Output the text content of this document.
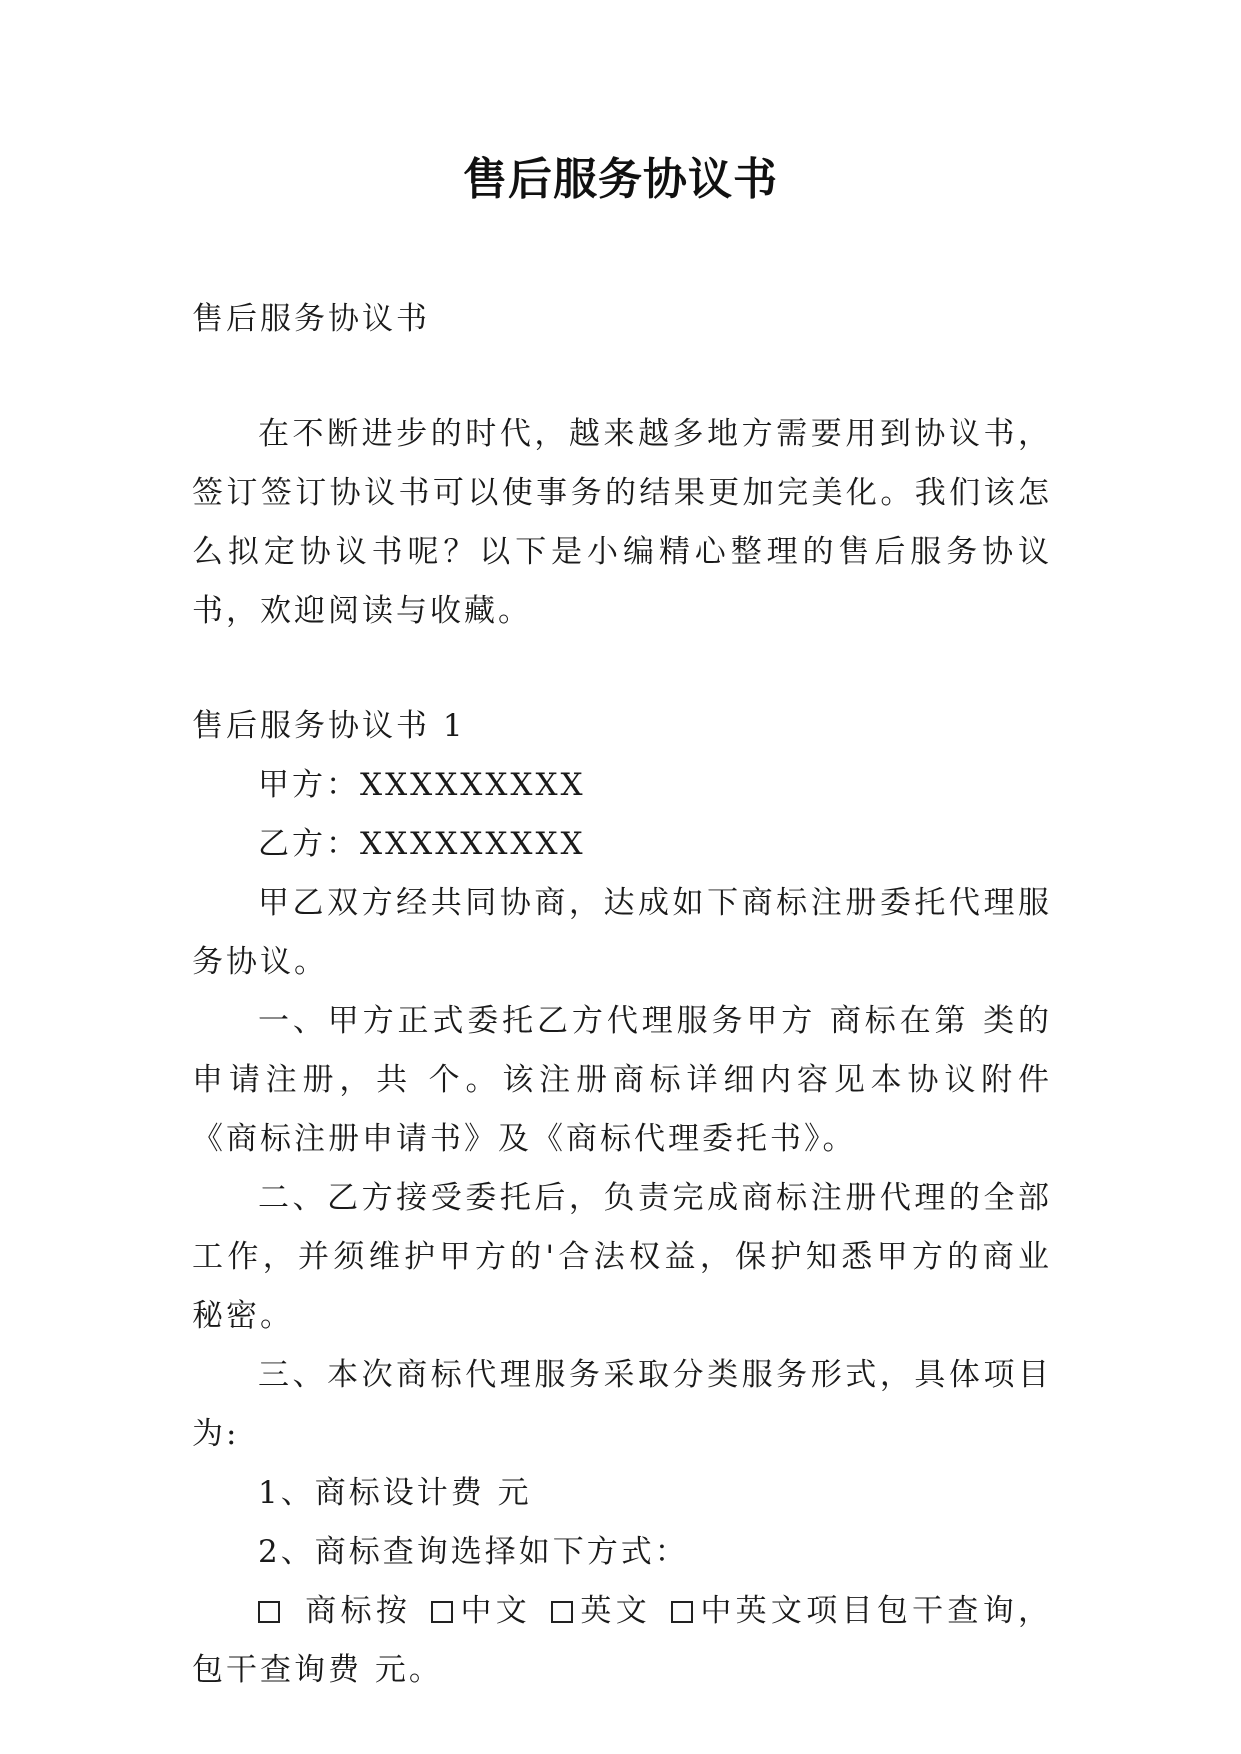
售后服务协议书

售后服务协议书

在不断进步的时代，越来越多地方需要用到协议书，签订签订协议书可以使事务的结果更加完美化。我们该怎么拟定协议书呢？以下是小编精心整理的售后服务协议书，欢迎阅读与收藏。

售后服务协议书 1

甲方：XXXXXXXXX

乙方：XXXXXXXXX

甲乙双方经共同协商，达成如下商标注册委托代理服务协议。

一、甲方正式委托乙方代理服务甲方 商标在第 类的申请注册，共 个。该注册商标详细内容见本协议附件《商标注册申请书》及《商标代理委托书》。

二、乙方接受委托后，负责完成商标注册代理的全部工作，并须维护甲方的'合法权益，保护知悉甲方的商业秘密。

三、本次商标代理服务采取分类服务形式，具体项目为:

1、商标设计费 元

2、商标查询选择如下方式：

商标按 中文 英文 中英文项目包干查询，包干查询费 元。
